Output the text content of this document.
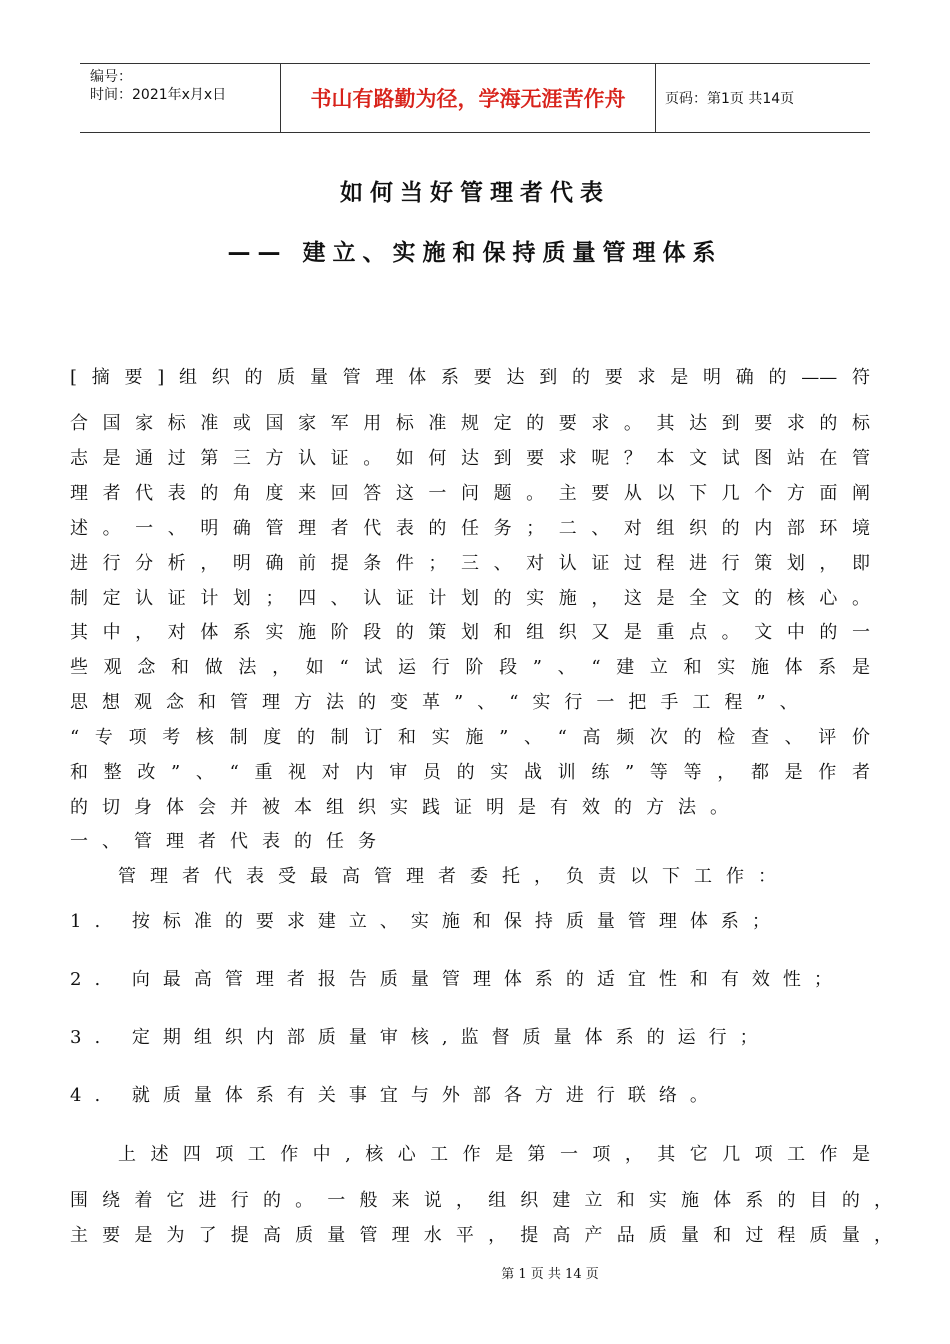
编号：
时间：2021年x月x日	书山有路勤为径，学海无涯苦作舟	页码：第1页 共14页
如何当好管理者代表
—— 建立、实施和保持质量管理体系
[摘要]组织的质量管理体系要达到的要求是明确的——符
合国家标准或国家军用标准规定的要求。其达到要求的标
志是通过第三方认证。如何达到要求呢？本文试图站在管
理者代表的角度来回答这一问题。主要从以下几个方面阐
述。一、明确管理者代表的任务；二、对组织的内部环境
进行分析，明确前提条件；三、对认证过程进行策划，即
制定认证计划；四、认证计划的实施，这是全文的核心。
其中，对体系实施阶段的策划和组织又是重点。文中的一
些观念和做法，如“试运行阶段”、“建立和实施体系是
思想观念和管理方法的变革”、“实行一把手工程”、
“专项考核制度的制订和实施”、“高频次的检查、评价
和整改”、“重视对内审员的实战训练”等等，都是作者
的切身体会并被本组织实践证明是有效的方法。
一、管理者代表的任务
管理者代表受最高管理者委托，负责以下工作：
1. 按标准的要求建立、实施和保持质量管理体系；
2. 向最高管理者报告质量管理体系的适宜性和有效性；
3. 定期组织内部质量审核,监督质量体系的运行；
4. 就质量体系有关事宜与外部各方进行联络。
上述四项工作中,核心工作是第一项，其它几项工作是
围绕着它进行的。一般来说，组织建立和实施体系的目的，
主要是为了提高质量管理水平，提高产品质量和过程质量，
第 1 页 共 14 页
